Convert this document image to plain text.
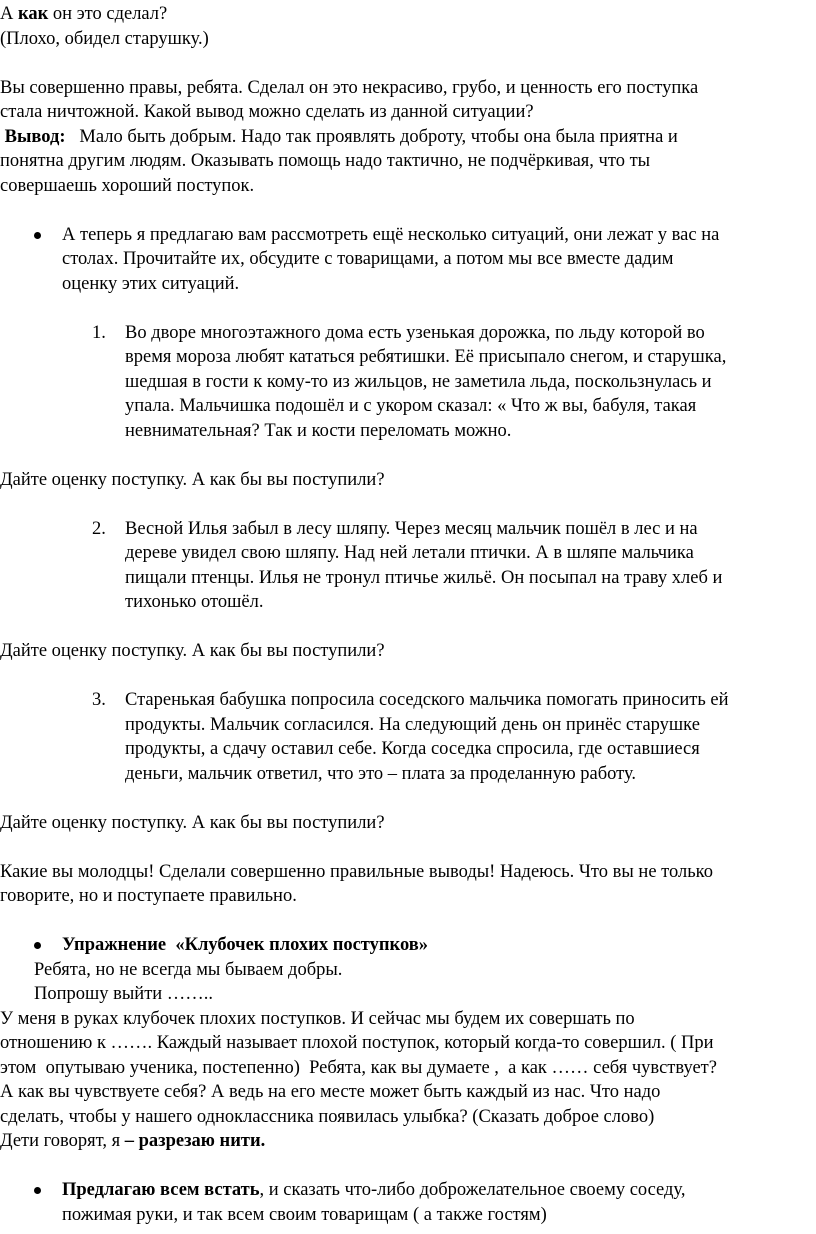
А как он это сделал?
(Плохо, обидел старушку.)
Вы совершенно правы, ребята. Сделал он это некрасиво, грубо, и ценность его поступка
стала ничтожной. Какой вывод можно сделать из данной ситуации?
Вывод:   Мало быть добрым. Надо так проявлять доброту, чтобы она была приятна и
понятна другим людям. Оказывать помощь надо тактично, не подчёркивая, что ты
совершаешь хороший поступок.
А теперь я предлагаю вам рассмотреть ещё несколько ситуаций, они лежат у вас на
столах. Прочитайте их, обсудите с товарищами, а потом мы все вместе дадим
оценку этих ситуаций.
1. Во дворе многоэтажного дома есть узенькая дорожка, по льду которой во
время мороза любят кататься ребятишки. Её присыпало снегом, и старушка,
шедшая в гости к кому-то из жильцов, не заметила льда, поскользнулась и
упала. Мальчишка подошёл и с укором сказал: « Что ж вы, бабуля, такая
невнимательная? Так и кости переломать можно.
Дайте оценку поступку. А как бы вы поступили?
2. Весной Илья забыл в лесу шляпу. Через месяц мальчик пошёл в лес и на
дереве увидел свою шляпу. Над ней летали птички. А в шляпе мальчика
пищали птенцы. Илья не тронул птичье жильё. Он посыпал на траву хлеб и
тихонько отошёл.
Дайте оценку поступку. А как бы вы поступили?
3. Старенькая бабушка попросила соседского мальчика помогать приносить ей
продукты. Мальчик согласился. На следующий день он принёс старушке
продукты, а сдачу оставил себе. Когда соседка спросила, где оставшиеся
деньги, мальчик ответил, что это – плата за проделанную работу.
Дайте оценку поступку. А как бы вы поступили?
Какие вы молодцы! Сделали совершенно правильные выводы! Надеюсь. Что вы не только
говорите, но и поступаете правильно.
Упражнение  «Клубочек плохих поступков»
Ребята, но не всегда мы бываем добры.
Попрошу выйти ……..
У меня в руках клубочек плохих поступков. И сейчас мы будем их совершать по
отношению к ……. Каждый называет плохой поступок, который когда-то совершил. ( При
этом  опутываю ученика, постепенно)  Ребята, как вы думаете ,  а как …… себя чувствует?
А как вы чувствуете себя? А ведь на его месте может быть каждый из нас. Что надо
сделать, чтобы у нашего одноклассника появилась улыбка? (Сказать доброе слово)
Дети говорят, я – разрезаю нити.
Предлагаю всем встать, и сказать что-либо доброжелательное своему соседу,
пожимая руки, и так всем своим товарищам ( а также гостям)
